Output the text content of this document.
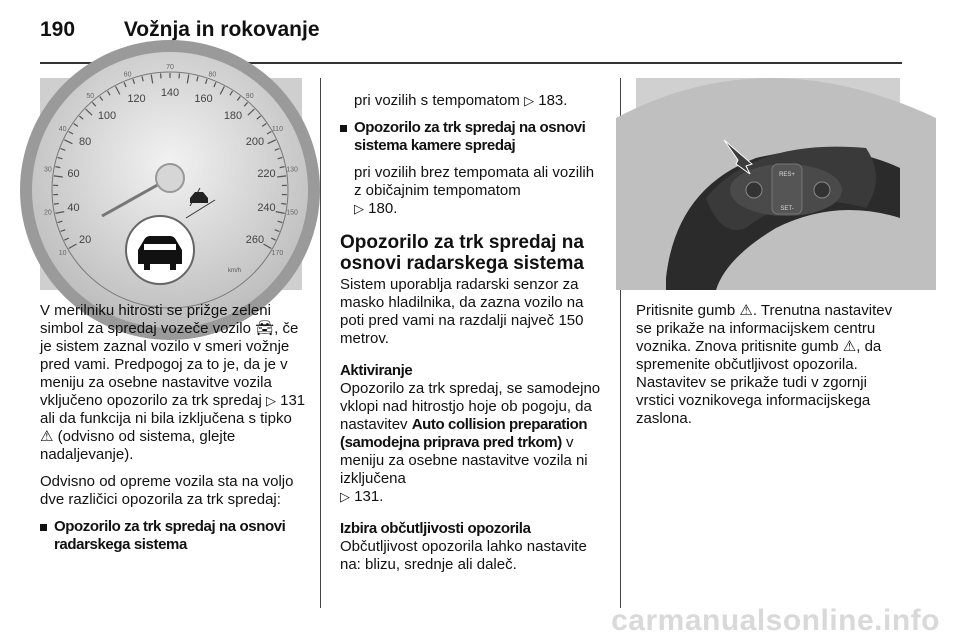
190 Vožnja in rokovanje
20
40
60
80
100
120 140 160
180
200
220
240
260
10
20
30
40
50
60
70
80
90
110
130
150
170
km/h

V merilniku hitrosti se prižge zeleni simbol za spredaj vozeče vozilo 🚘︎, če je sistem zaznal vozilo v smeri vožnje pred vami. Predpogoj za to je, da je v meniju za osebne nastavitve vozila vključeno opozorilo za trk spredaj ▷ 131 ali da funkcija ni bila izključena s tipko ⚠ (odvisno od sistema, glejte nadaljevanje).

Odvisno od opreme vozila sta na voljo dve različici opozorila za trk spredaj:

Opozorilo za trk spredaj na osnovi radarskega sistema

pri vozilih s tempomatom ▷ 183.

Opozorilo za trk spredaj na osnovi sistema kamere spredaj

pri vozilih brez tempomata ali vozilih z običajnim tempomatom
▷ 180.

Opozorilo za trk spredaj na osnovi radarskega sistema

Sistem uporablja radarski senzor za masko hladilnika, da zazna vozilo na poti pred vami na razdalji največ 150 metrov.

Aktiviranje
Opozorilo za trk spredaj, se samodejno vklopi nad hitrostjo hoje ob pogoju, da nastavitev Auto collision preparation (samodejna priprava pred trkom) v meniju za osebne nastavitve vozila ni izključena
▷ 131.

Izbira občutljivosti opozorila
Občutljivost opozorila lahko nastavite na: blizu, srednje ali daleč.

RES+
SET-

Pritisnite gumb ⚠. Trenutna nastavitev se prikaže na informacijskem centru voznika. Znova pritisnite gumb ⚠, da spremenite občutljivost opozorila. Nastavitev se prikaže tudi v zgornji vrstici voznikovega informacijskega zaslona.

carmanualsonline.info
